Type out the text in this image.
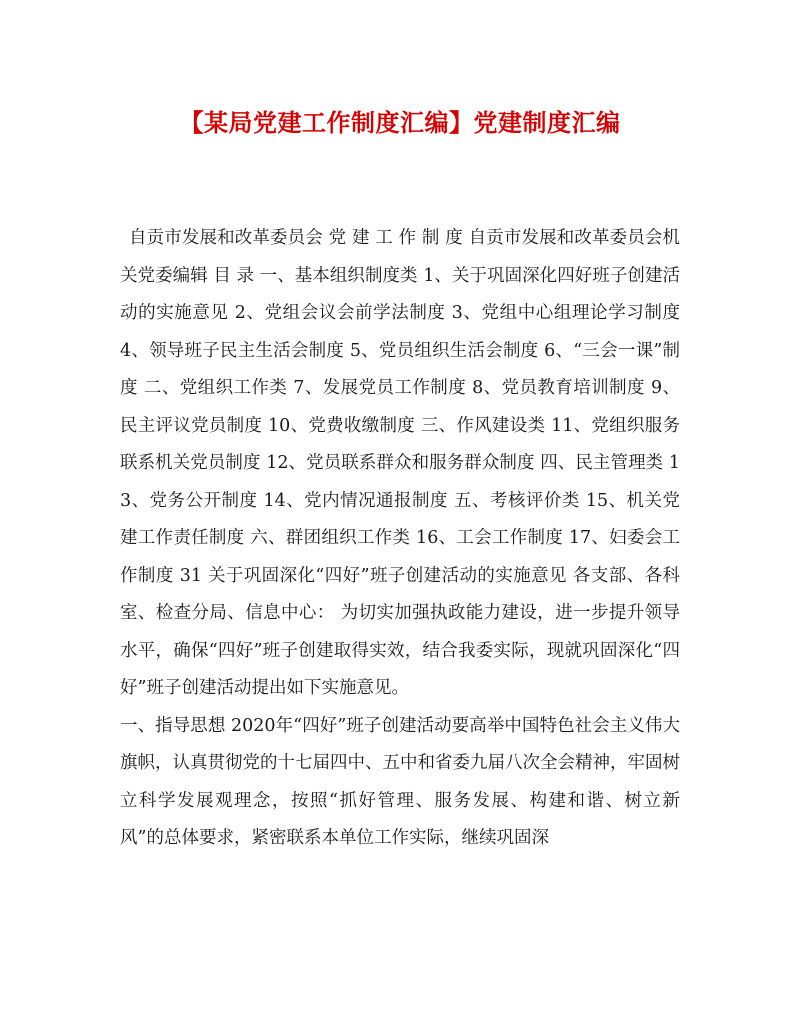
【某局党建工作制度汇编】党建制度汇编

自贡市发展和改革委员会 党 建 工 作 制 度 自贡市发展和改革委员会机关党委编辑 目 录 一、基本组织制度类 1、关于巩固深化四好班子创建活动的实施意见 2、党组会议会前学法制度 3、党组中心组理论学习制度 4、领导班子民主生活会制度 5、党员组织生活会制度 6、“三会一课”制度 二、党组织工作类 7、发展党员工作制度 8、党员教育培训制度 9、民主评议党员制度 10、党费收缴制度 三、作风建设类 11、党组织服务联系机关党员制度 12、党员联系群众和服务群众制度 四、民主管理类 13、党务公开制度 14、党内情况通报制度 五、考核评价类 15、机关党建工作责任制度 六、群团组织工作类 16、工会工作制度 17、妇委会工作制度 31 关于巩固深化“四好”班子创建活动的实施意见 各支部、各科室、检查分局、信息中心： 为切实加强执政能力建设，进一步提升领导水平，确保“四好”班子创建取得实效，结合我委实际，现就巩固深化“四好”班子创建活动提出如下实施意见。

一、指导思想 2020年“四好”班子创建活动要高举中国特色社会主义伟大旗帜，认真贯彻党的十七届四中、五中和省委九届八次全会精神，牢固树立科学发展观理念，按照“抓好管理、服务发展、构建和谐、树立新风”的总体要求，紧密联系本单位工作实际，继续巩固深
